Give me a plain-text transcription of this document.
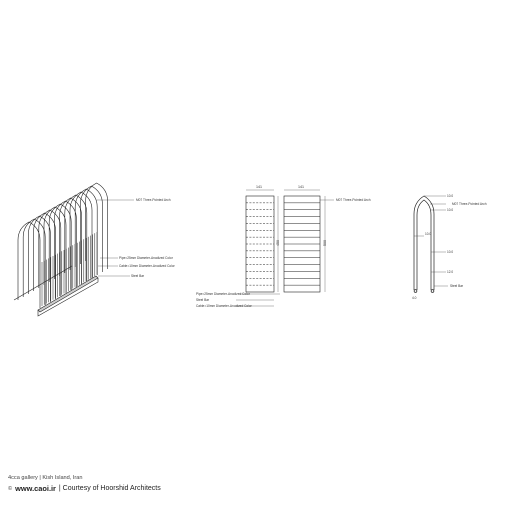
M07 Three-Pointed Arch
Pipe=25mm Diameter-Anodized Color
Cable=10mm Diameter-Anodized Color
Steel Bar
141	141
450	500
M07 Three-Pointed Arch
Pipe=25mm Diameter-Anodized Color
Steel Bar
Cable=10mm Diameter-Anodized Color
10.0
10.0
10.0
10.0
12.0
4.0
M07 Three-Pointed Arch
Steel Bar
4cca gallery | Kish Island, Iran
© www.caoi.ir | Courtesy of Hoorshid Architects
